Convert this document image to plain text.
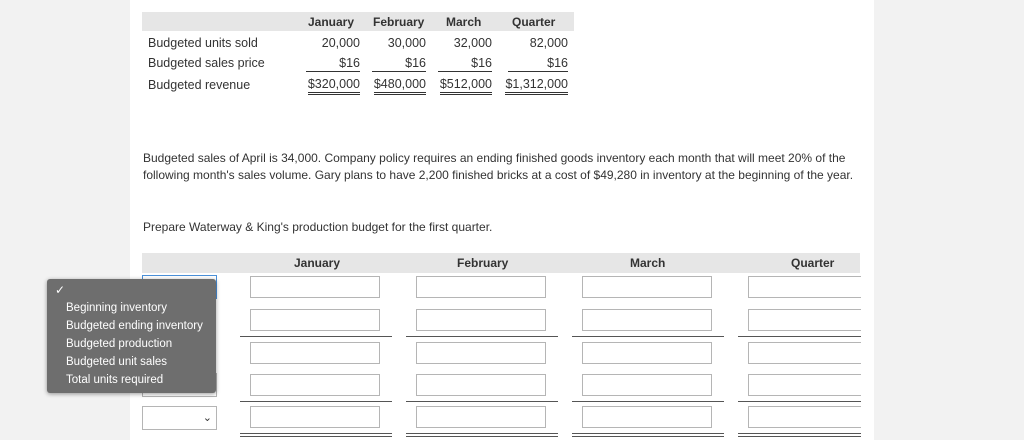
January February March	Quarter
Budgeted units sold	20,000 30,000 32,000	82,000
Budgeted sales price	$16	$16	$16	$16
Budgeted revenue	$320,000 $480,000 $512,000 $1,312,000
Budgeted sales of April is 34,000. Company policy requires an ending finished goods inventory each month that will meet 20% of the following month's sales volume. Gary plans to have 2,200 finished bricks at a cost of $49,280 in inventory at the beginning of the year.
Prepare Waterway & King's production budget for the first quarter.
January	February	March	Quarter
⌄
✓
Beginning inventory
Budgeted ending inventory
Budgeted production
Budgeted unit sales
Total units required
